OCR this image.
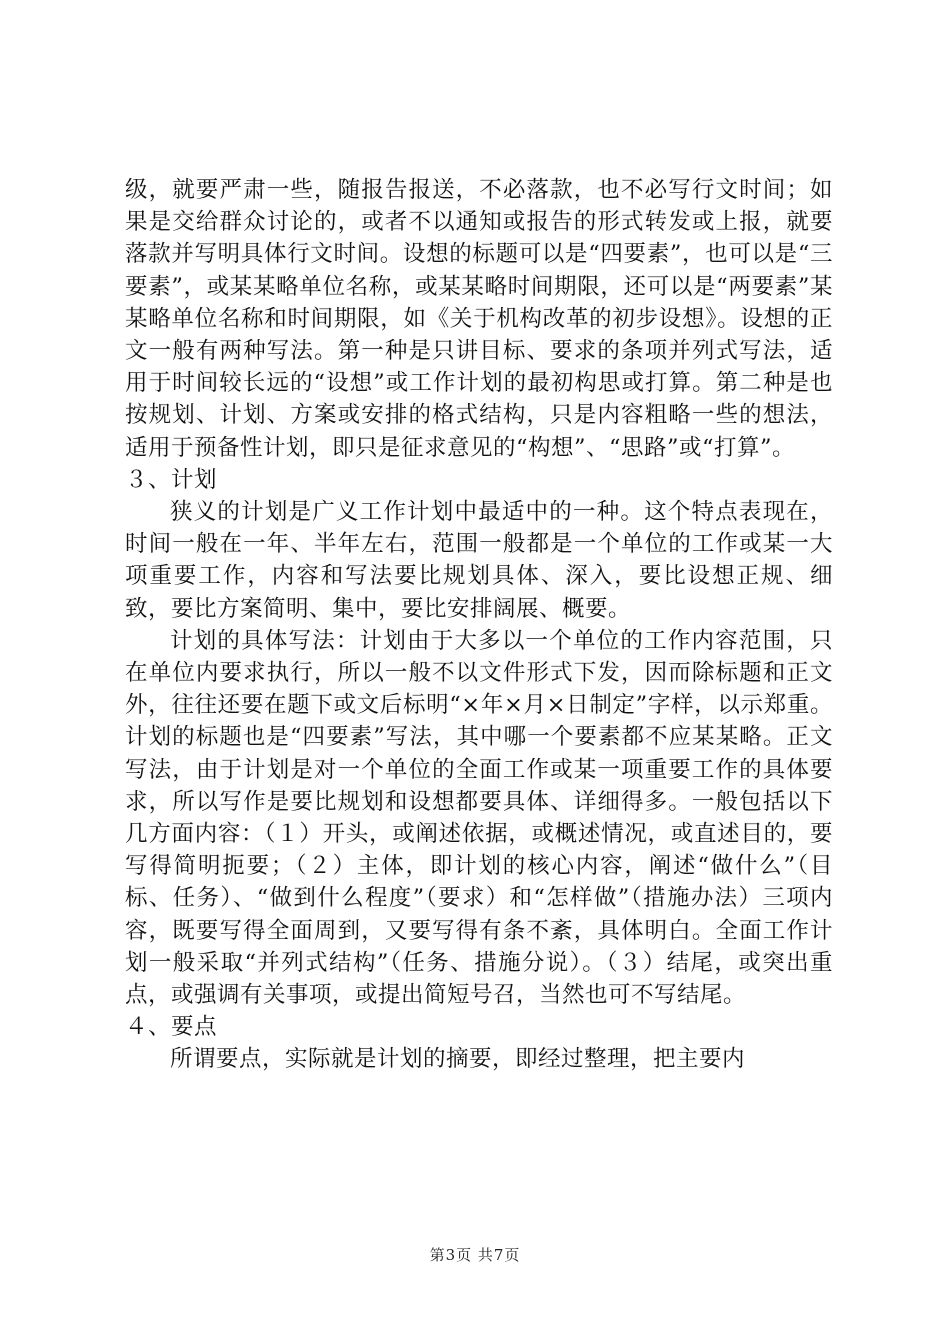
级，就要严肃一些，随报告报送，不必落款，也不必写行文时间；如果是交给群众讨论的，或者不以通知或报告的形式转发或上报，就要落款并写明具体行文时间。设想的标题可以是“四要素”，也可以是“三要素”，或某某略单位名称，或某某略时间期限，还可以是“两要素”某某略单位名称和时间期限，如《关于机构改革的初步设想》。设想的正文一般有两种写法。第一种是只讲目标、要求的条项并列式写法，适用于时间较长远的“设想”或工作计划的最初构思或打算。第二种是也按规划、计划、方案或安排的格式结构，只是内容粗略一些的想法，适用于预备性计划，即只是征求意见的“构想”、“思路”或“打算”。

３、计划

狭义的计划是广义工作计划中最适中的一种。这个特点表现在，时间一般在一年、半年左右，范围一般都是一个单位的工作或某一大项重要工作，内容和写法要比规划具体、深入，要比设想正规、细致，要比方案简明、集中，要比安排阔展、概要。

计划的具体写法：计划由于大多以一个单位的工作内容范围，只在单位内要求执行，所以一般不以文件形式下发，因而除标题和正文外，往往还要在题下或文后标明“×年×月×日制定”字样，以示郑重。计划的标题也是“四要素”写法，其中哪一个要素都不应某某略。正文写法，由于计划是对一个单位的全面工作或某一项重要工作的具体要求，所以写作是要比规划和设想都要具体、详细得多。一般包括以下几方面内容：（１）开头，或阐述依据，或概述情况，或直述目的，要写得简明扼要；（２）主体，即计划的核心内容，阐述“做什么”（目标、任务）、“做到什么程度”（要求）和“怎样做”（措施办法）三项内容，既要写得全面周到，又要写得有条不紊，具体明白。全面工作计划一般采取“并列式结构”（任务、措施分说）。（３）结尾，或突出重点，或强调有关事项，或提出简短号召，当然也可不写结尾。

４、要点

所谓要点，实际就是计划的摘要，即经过整理，把主要内

第3页 共7页
